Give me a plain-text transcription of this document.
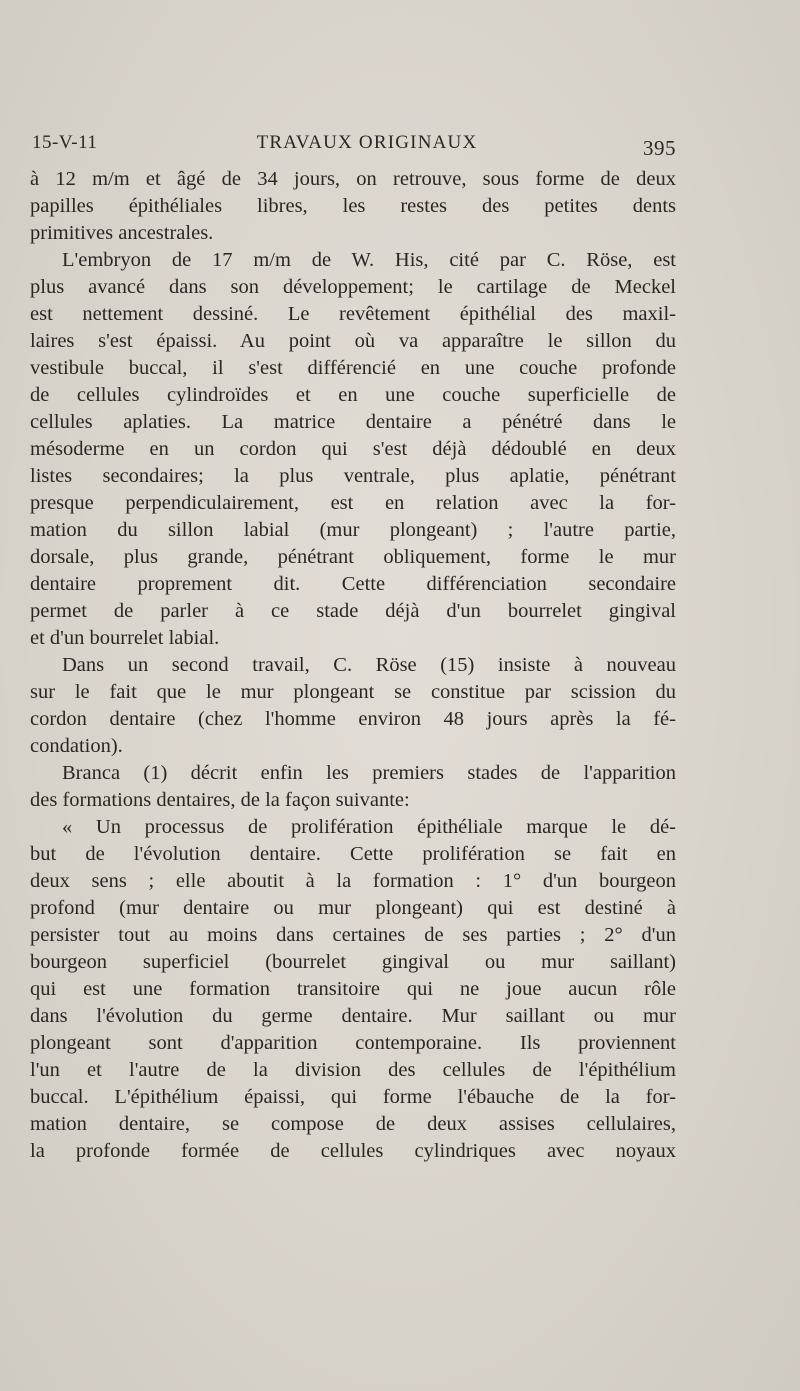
15-V-11	TRAVAUX ORIGINAUX	395
à 12 m/m et âgé de 34 jours, on retrouve, sous forme de deux
papilles épithéliales libres, les restes des petites dents
primitives ancestrales.
L'embryon de 17 m/m de W. His, cité par C. Röse, est
plus avancé dans son développement; le cartilage de Meckel
est nettement dessiné. Le revêtement épithélial des maxil-
laires s'est épaissi. Au point où va apparaître le sillon du
vestibule buccal, il s'est différencié en une couche profonde
de cellules cylindroïdes et en une couche superficielle de
cellules aplaties. La matrice dentaire a pénétré dans le
mésoderme en un cordon qui s'est déjà dédoublé en deux
listes secondaires; la plus ventrale, plus aplatie, pénétrant
presque perpendiculairement, est en relation avec la for-
mation du sillon labial (mur plongeant) ; l'autre partie,
dorsale, plus grande, pénétrant obliquement, forme le mur
dentaire proprement dit. Cette différenciation secondaire
permet de parler à ce stade déjà d'un bourrelet gingival
et d'un bourrelet labial.
Dans un second travail, C. Röse (15) insiste à nouveau
sur le fait que le mur plongeant se constitue par scission du
cordon dentaire (chez l'homme environ 48 jours après la fé-
condation).
Branca (1) décrit enfin les premiers stades de l'apparition
des formations dentaires, de la façon suivante:
« Un processus de prolifération épithéliale marque le dé-
but de l'évolution dentaire. Cette prolifération se fait en
deux sens ; elle aboutit à la formation : 1° d'un bourgeon
profond (mur dentaire ou mur plongeant) qui est destiné à
persister tout au moins dans certaines de ses parties ; 2° d'un
bourgeon superficiel (bourrelet gingival ou mur saillant)
qui est une formation transitoire qui ne joue aucun rôle
dans l'évolution du germe dentaire. Mur saillant ou mur
plongeant sont d'apparition contemporaine. Ils proviennent
l'un et l'autre de la division des cellules de l'épithélium
buccal. L'épithélium épaissi, qui forme l'ébauche de la for-
mation dentaire, se compose de deux assises cellulaires,
la profonde formée de cellules cylindriques avec noyaux
